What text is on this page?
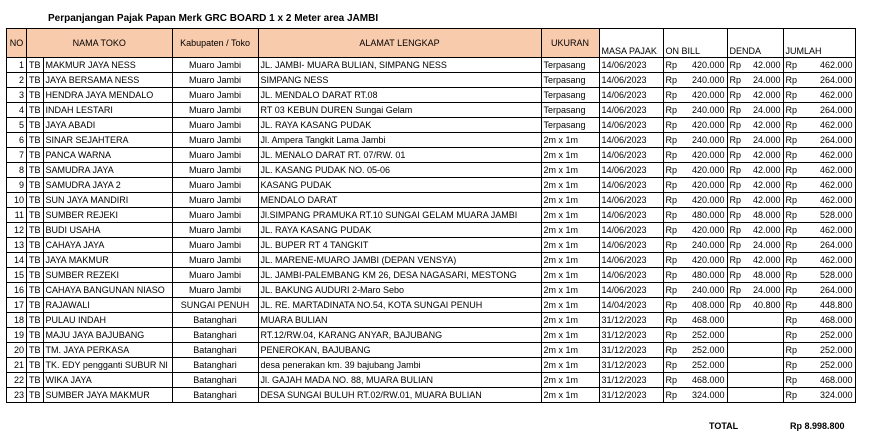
Perpanjangan Pajak Papan Merk GRC BOARD 1 x 2 Meter area JAMBI
NO	NAMA TOKO		Kabupaten / Toko	ALAMAT LENGKAP	UKURAN	MASA PAJAK	ON BILL	DENDA	JUMLAH
1	TB	MAKMUR JAYA NESS	Muaro Jambi	JL. JAMBI- MUARA BULIAN, SIMPANG NESS	Terpasang	14/06/2023	Rp 420.000	Rp 42.000	Rp 462.000

2	TB	JAYA BERSAMA NESS	Muaro Jambi	SIMPANG NESS	Terpasang	14/06/2023	Rp 240.000	Rp 24.000	Rp 264.000

3	TB	HENDRA JAYA MENDALO	Muaro Jambi	JL. MENDALO DARAT RT.08	Terpasang	14/06/2023	Rp 420.000	Rp 42.000	Rp 462.000

4	TB	INDAH LESTARI	Muaro Jambi	RT 03 KEBUN DUREN Sungai Gelam	Terpasang	14/06/2023	Rp 240.000	Rp 24.000	Rp 264.000

5	TB	JAYA ABADI	Muaro Jambi	JL. RAYA KASANG PUDAK	Terpasang	14/06/2023	Rp 420.000	Rp 42.000	Rp 462.000

6	TB	SINAR SEJAHTERA	Muaro Jambi	Jl. Ampera Tangkit Lama Jambi	2m x 1m	14/06/2023	Rp 240.000	Rp 24.000	Rp 264.000

7	TB	PANCA WARNA	Muaro Jambi	JL. MENALO DARAT RT. 07/RW. 01	2m x 1m	14/06/2023	Rp 420.000	Rp 42.000	Rp 462.000

8	TB	SAMUDRA JAYA	Muaro Jambi	JL. KASANG PUDAK NO. 05-06	2m x 1m	14/06/2023	Rp 420.000	Rp 42.000	Rp 462.000

9	TB	SAMUDRA JAYA 2	Muaro Jambi	KASANG PUDAK	2m x 1m	14/06/2023	Rp 420.000	Rp 42.000	Rp 462.000

10	TB	SUN JAYA MANDIRI	Muaro Jambi	MENDALO DARAT	2m x 1m	14/06/2023	Rp 420.000	Rp 42.000	Rp 462.000

11	TB	SUMBER REJEKI	Muaro Jambi	Jl.SIMPANG PRAMUKA RT.10 SUNGAI GELAM MUARA JAMBI	2m x 1m	14/06/2023	Rp 480.000	Rp 48.000	Rp 528.000

12	TB	BUDI USAHA	Muaro Jambi	JL. RAYA KASANG PUDAK	2m x 1m	14/06/2023	Rp 420.000	Rp 42.000	Rp 462.000

13	TB	CAHAYA JAYA	Muaro Jambi	JL. BUPER RT 4 TANGKIT	2m x 1m	14/06/2023	Rp 240.000	Rp 24.000	Rp 264.000

14	TB	JAYA MAKMUR	Muaro Jambi	JL. MARENE-MUARO JAMBI (DEPAN VENSYA)	2m x 1m	14/06/2023	Rp 420.000	Rp 42.000	Rp 462.000

15	TB	SUMBER REZEKI	Muaro Jambi	JL. JAMBI-PALEMBANG KM 26, DESA NAGASARI, MESTONG	2m x 1m	14/06/2023	Rp 480.000	Rp 48.000	Rp 528.000

16	TB	CAHAYA BANGUNAN NIASO	Muaro Jambi	JL. BAKUNG AUDURI 2-Maro Sebo	2m x 1m	14/06/2023	Rp 240.000	Rp 24.000	Rp 264.000

17	TB	RAJAWALI	SUNGAI PENUH	JL. RE. MARTADINATA NO.54, KOTA SUNGAI PENUH	2m x 1m	14/04/2023	Rp 408.000	Rp 40.800	Rp 448.800

18	TB	PULAU INDAH	Batanghari	MUARA BULIAN	2m x 1m	31/12/2023	Rp 468.000		Rp 468.000

19	TB	MAJU JAYA BAJUBANG	Batanghari	RT.12/RW.04, KARANG ANYAR, BAJUBANG	2m x 1m	31/12/2023	Rp 252.000		Rp 252.000

20	TB	TM. JAYA PERKASA	Batanghari	PENEROKAN, BAJUBANG	2m x 1m	31/12/2023	Rp 252.000		Rp 252.000

21	TB	TK. EDY pengganti SUBUR NI	Batanghari	desa penerakan km. 39 bajubang Jambi	2m x 1m	31/12/2023	Rp 252.000		Rp 252.000

22	TB	WIKA JAYA	Batanghari	Jl. GAJAH MADA NO. 88, MUARA BULIAN	2m x 1m	31/12/2023	Rp 468.000		Rp 468.000

23	TB	SUMBER JAYA MAKMUR	Batanghari	DESA SUNGAI BULUH RT.02/RW.01, MUARA BULIAN	2m x 1m	31/12/2023	Rp 324.000		Rp 324.000
TOTAL	Rp 8.998.800
